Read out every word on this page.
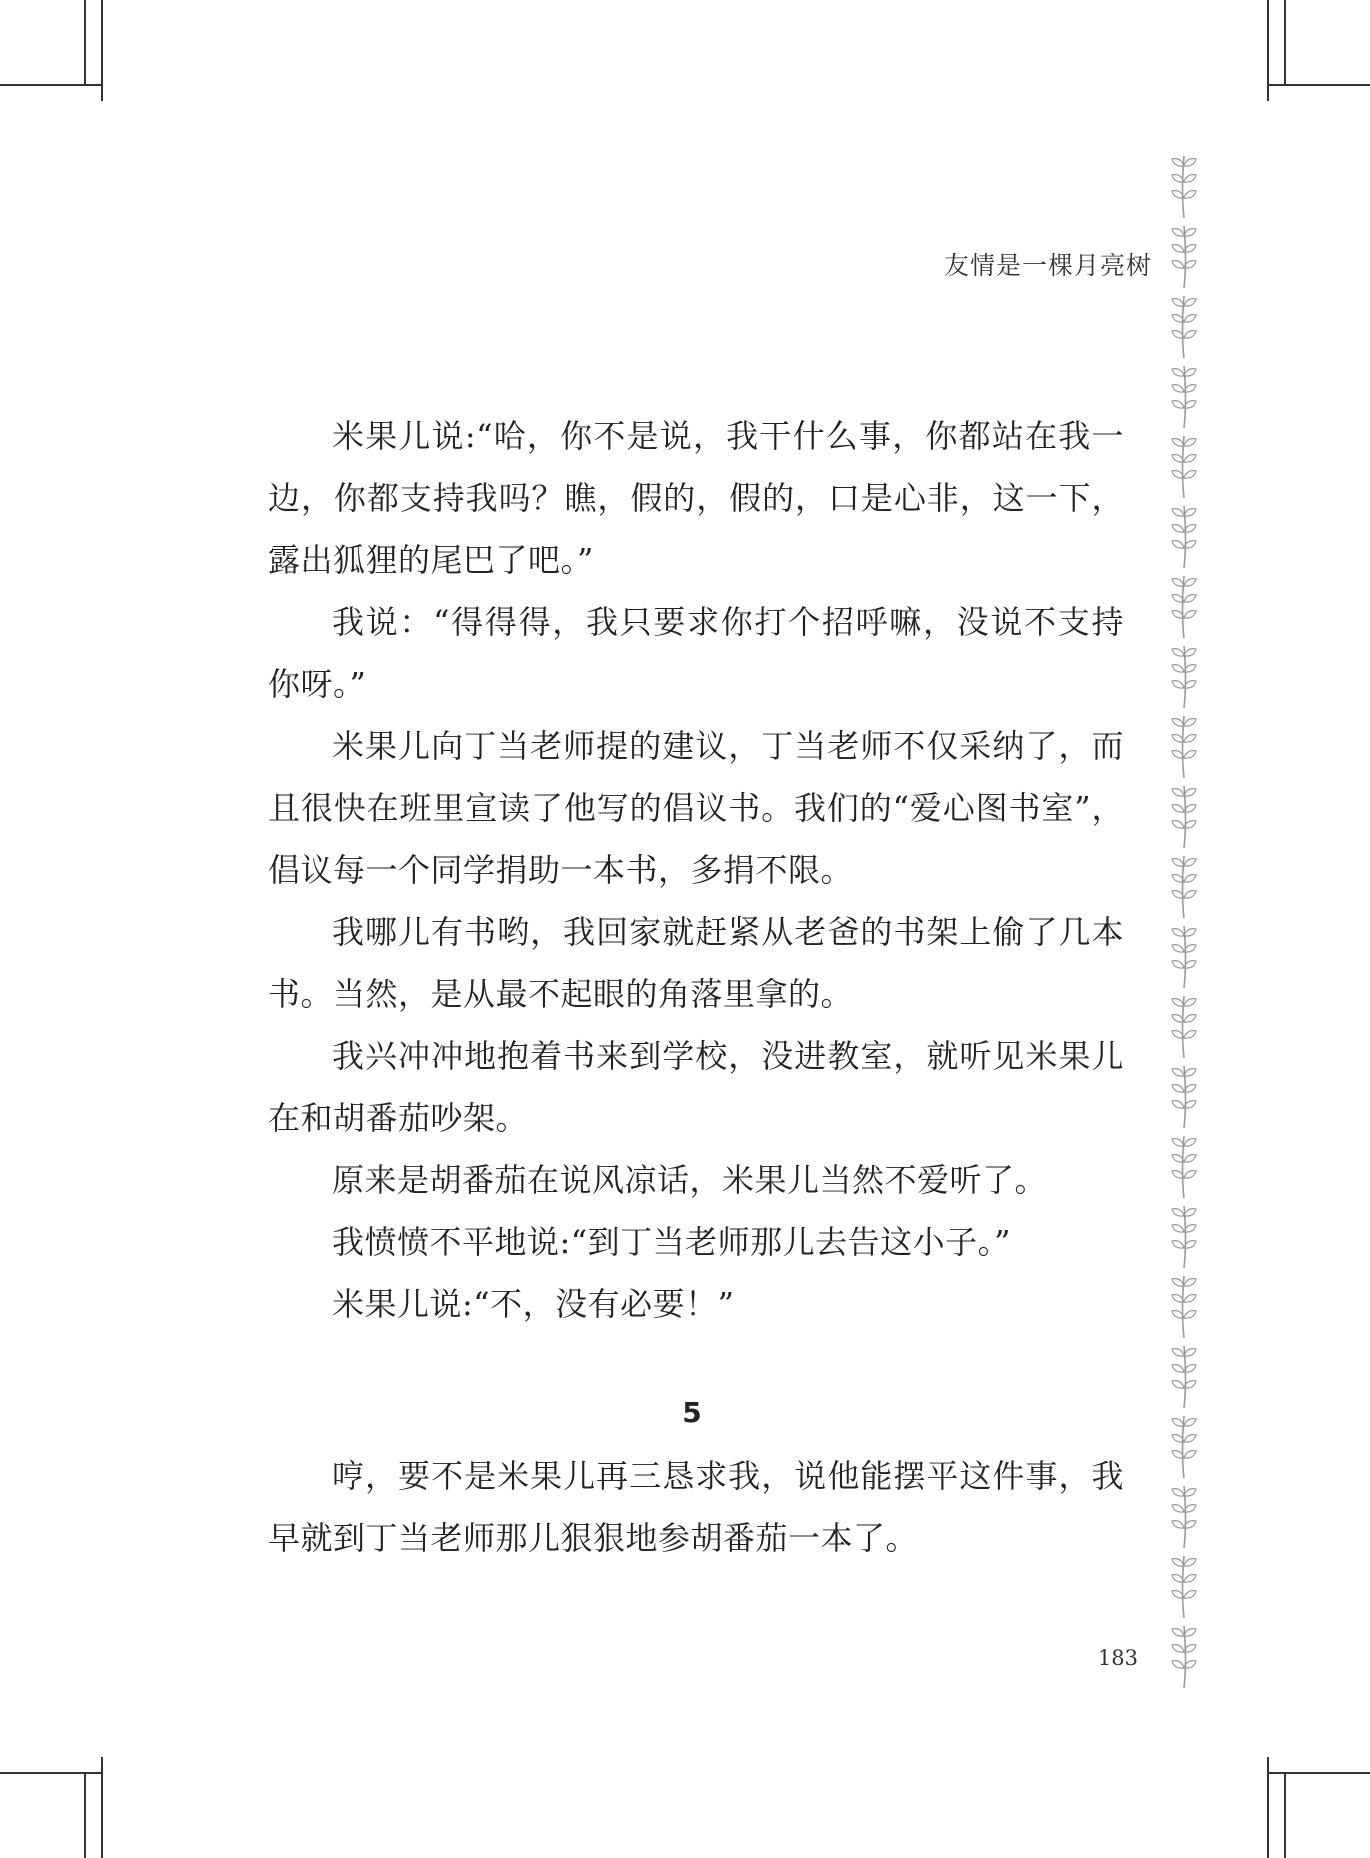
友情是一棵月亮树

米果儿说:“哈，你不是说，我干什么事，你都站在我一边，你都支持我吗？瞧，假的，假的，口是心非，这一下，露出狐狸的尾巴了吧。”

我说：“得得得，我只要求你打个招呼嘛，没说不支持你呀。”

米果儿向丁当老师提的建议，丁当老师不仅采纳了，而且很快在班里宣读了他写的倡议书。我们的“爱心图书室”，倡议每一个同学捐助一本书，多捐不限。

我哪儿有书哟，我回家就赶紧从老爸的书架上偷了几本书。当然，是从最不起眼的角落里拿的。

我兴冲冲地抱着书来到学校，没进教室，就听见米果儿在和胡番茄吵架。

原来是胡番茄在说风凉话，米果儿当然不爱听了。

我愤愤不平地说:“到丁当老师那儿去告这小子。”

米果儿说:“不，没有必要！”

5

哼，要不是米果儿再三恳求我，说他能摆平这件事，我早就到丁当老师那儿狠狠地参胡番茄一本了。

183
